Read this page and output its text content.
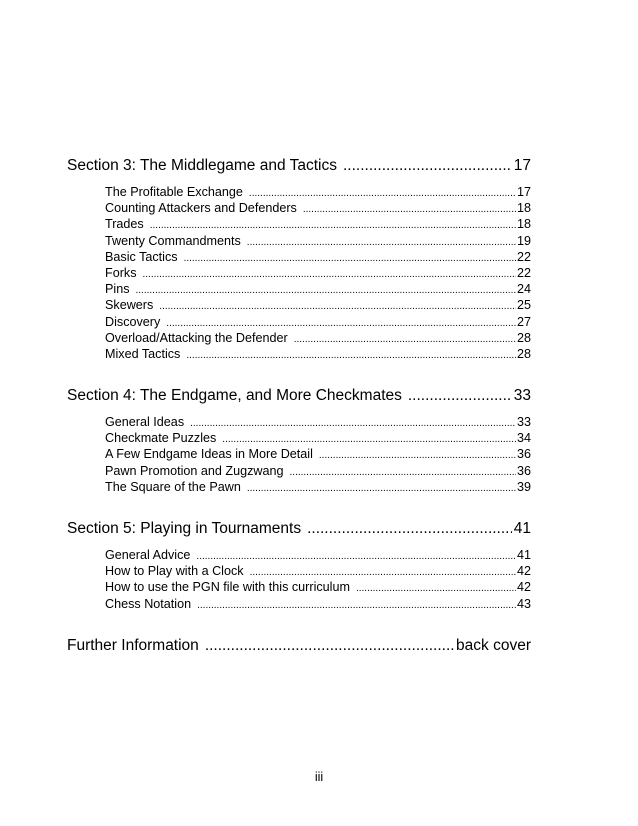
Section 3: The Middlegame and Tactics .....	17
The Profitable Exchange .....	17
Counting Attackers and Defenders .....	18
Trades .....	18
Twenty Commandments .....	19
Basic Tactics .....	22
Forks .....	22
Pins .....	24
Skewers .....	25
Discovery .....	27
Overload/Attacking the Defender .....	28
Mixed Tactics .....	28
Section 4: The Endgame, and More Checkmates .....	33
General Ideas .....	33
Checkmate Puzzles .....	34
A Few Endgame Ideas in More Detail .....	36
Pawn Promotion and Zugzwang .....	36
The Square of the Pawn .....	39
Section 5: Playing in Tournaments .....	41
General Advice .....	41
How to Play with a Clock .....	42
How to use the PGN file with this curriculum .....	42
Chess Notation .....	43
Further Information .....	back cover
iii
